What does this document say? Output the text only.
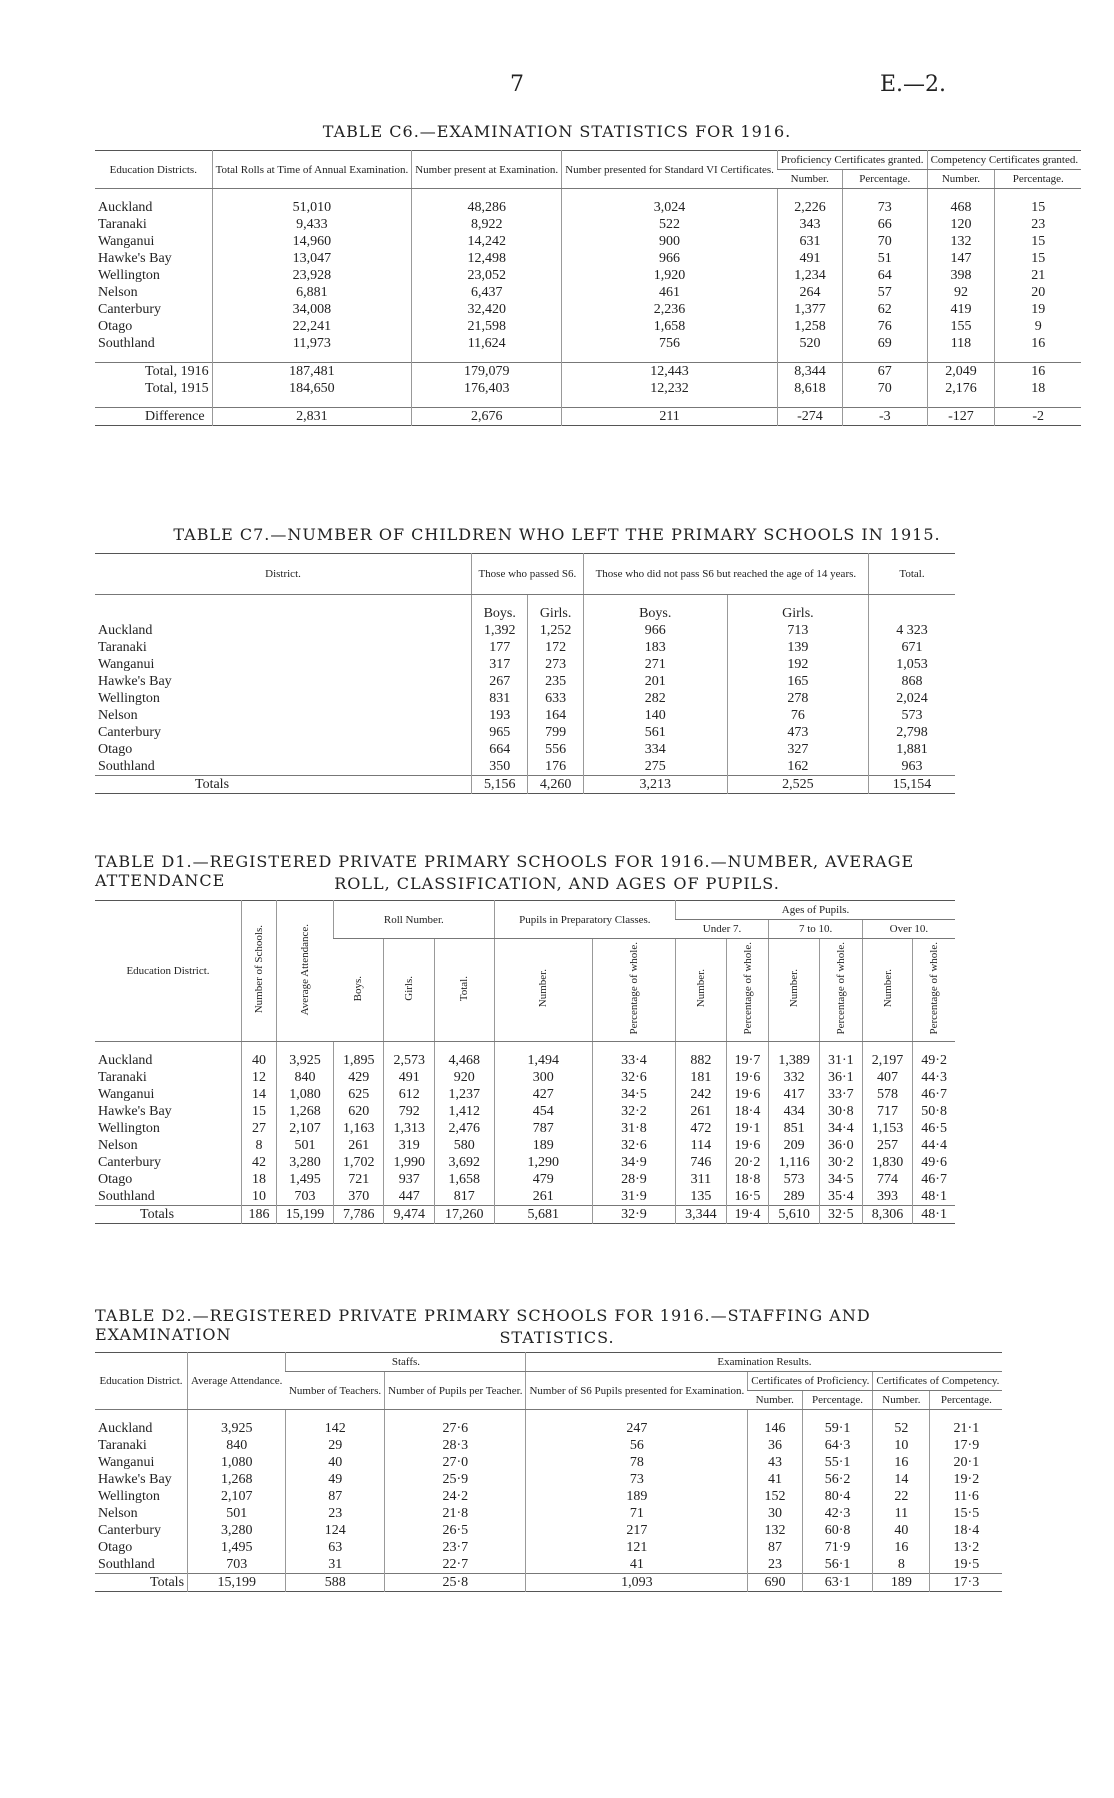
7	E.—2.
TABLE C6.—EXAMINATION STATISTICS FOR 1916.
Education Districts.	Total Rolls at Time of Annual Examination.	Number present at Examination.	Number presented for Standard VI Certificates.	Proficiency Certificates granted.		Competency Certificates granted.	
				Number.	Percentage.	Number.	Percentage.

Auckland	51,010	48,286	3,024	2,226	73	468	15
Taranaki	9,433	8,922	522	343	66	120	23
Wanganui	14,960	14,242	900	631	70	132	15
Hawke's Bay	13,047	12,498	966	491	51	147	15
Wellington	23,928	23,052	1,920	1,234	64	398	21
Nelson	6,881	6,437	461	264	57	92	20
Canterbury	34,008	32,420	2,236	1,377	62	419	19
Otago	22,241	21,598	1,658	1,258	76	155	9
Southland	11,973	11,624	756	520	69	118	16

Total, 1916	187,481	179,079	12,443	8,344	67	2,049	16
Total, 1915	184,650	176,403	12,232	8,618	70	2,176	18

Difference	2,831	2,676	211	-274	-3	-127	-2
TABLE C7.—NUMBER OF CHILDREN WHO LEFT THE PRIMARY SCHOOLS IN 1915.
District.	Those who passed S6.		Those who did not pass S6 but reached the age of 14 years.		Total.
	Boys.	Girls.	Boys.	Girls.	
Auckland	1,392	1,252	966	713	4 323
Taranaki	177	172	183	139	671
Wanganui	317	273	271	192	1,053
Hawke's Bay	267	235	201	165	868
Wellington	831	633	282	278	2,024
Nelson	193	164	140	76	573
Canterbury	965	799	561	473	2,798
Otago	664	556	334	327	1,881
Southland	350	176	275	162	963
Totals	5,156	4,260	3,213	2,525	15,154
TABLE D1.—REGISTERED PRIVATE PRIMARY SCHOOLS FOR 1916.—NUMBER, AVERAGE ATTENDANCE	ROLL, CLASSIFICATION, AND AGES OF PUPILS.
Education District.	Number of Schools.	Average Attendance.	Roll Number.			Pupils in Preparatory Classes.		Ages of Pupils.					
								Under 7.		7 to 10.		Over 10.	
			Boys.	Girls.	Total.	Number.	Percentage of whole.	Number.	Percentage of whole.	Number.	Percentage of whole.	Number.	Percentage of whole.

Auckland	40	3,925	1,895	2,573	4,468	1,494	33·4	882	19·7	1,389	31·1	2,197	49·2
Taranaki	12	840	429	491	920	300	32·6	181	19·6	332	36·1	407	44·3
Wanganui	14	1,080	625	612	1,237	427	34·5	242	19·6	417	33·7	578	46·7
Hawke's Bay	15	1,268	620	792	1,412	454	32·2	261	18·4	434	30·8	717	50·8
Wellington	27	2,107	1,163	1,313	2,476	787	31·8	472	19·1	851	34·4	1,153	46·5
Nelson	8	501	261	319	580	189	32·6	114	19·6	209	36·0	257	44·4
Canterbury	42	3,280	1,702	1,990	3,692	1,290	34·9	746	20·2	1,116	30·2	1,830	49·6
Otago	18	1,495	721	937	1,658	479	28·9	311	18·8	573	34·5	774	46·7
Southland	10	703	370	447	817	261	31·9	135	16·5	289	35·4	393	48·1
Totals	186	15,199	7,786	9,474	17,260	5,681	32·9	3,344	19·4	5,610	32·5	8,306	48·1
TABLE D2.—REGISTERED PRIVATE PRIMARY SCHOOLS FOR 1916.—STAFFING AND EXAMINATION	STATISTICS.
Education District.	Average Attendance.	Staffs.		Examination Results.				
		Number of Teachers.	Number of Pupils per Teacher.	Number of S6 Pupils presented for Examination.	Certificates of Proficiency.		Certificates of Competency.	
					Number.	Percentage.	Number.	Percentage.

Auckland	3,925	142	27·6	247	146	59·1	52	21·1
Taranaki	840	29	28·3	56	36	64·3	10	17·9
Wanganui	1,080	40	27·0	78	43	55·1	16	20·1
Hawke's Bay	1,268	49	25·9	73	41	56·2	14	19·2
Wellington	2,107	87	24·2	189	152	80·4	22	11·6
Nelson	501	23	21·8	71	30	42·3	11	15·5
Canterbury	3,280	124	26·5	217	132	60·8	40	18·4
Otago	1,495	63	23·7	121	87	71·9	16	13·2
Southland	703	31	22·7	41	23	56·1	8	19·5
Totals	15,199	588	25·8	1,093	690	63·1	189	17·3
